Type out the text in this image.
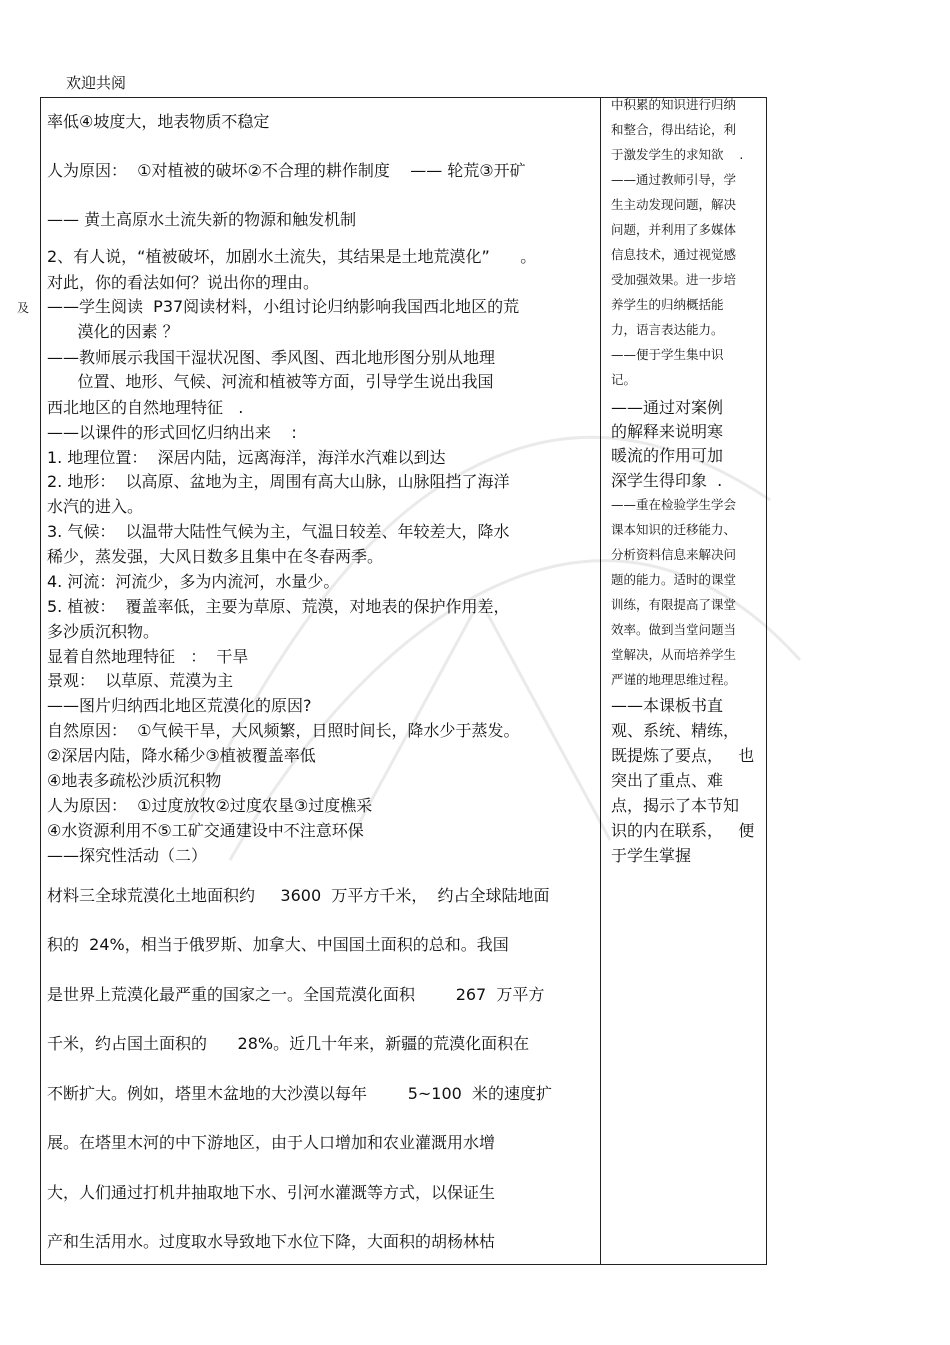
欢迎共阅
及
率低④坡度大，地表物质不稳定
人为原因：  ①对植被的破坏②不合理的耕作制度    —— 轮荒③开矿
—— 黄土高原水土流失新的物源和触发机制
2、有人说，“植被破坏，加剧水土流失，其结果是土地荒漠化”      。
对此，你的看法如何？说出你的理由。
——学生阅读  P37阅读材料，小组讨论归纳影响我国西北地区的荒
漠化的因素 ？
——教师展示我国干湿状况图、季风图、西北地形图分别从地理
位置、地形、气候、河流和植被等方面，引导学生说出我国
西北地区的自然地理特征   .
——以课件的形式回忆归纳出来    :
1. 地理位置：  深居内陆，远离海洋，海洋水汽难以到达
2. 地形：  以高原、盆地为主，周围有高大山脉，山脉阻挡了海洋
水汽的进入。
3. 气候：  以温带大陆性气候为主，气温日较差、年较差大，降水
稀少，蒸发强，大风日数多且集中在冬春两季。
4. 河流：河流少，多为内流河，水量少。
5. 植被：  覆盖率低，主要为草原、荒漠，对地表的保护作用差，
多沙质沉积物。
显着自然地理特征   ：  干旱
景观：  以草原、荒漠为主
——图片归纳西北地区荒漠化的原因?
自然原因：  ①气候干旱，大风频繁，日照时间长，降水少于蒸发。
②深居内陆，降水稀少③植被覆盖率低
④地表多疏松沙质沉积物
人为原因：  ①过度放牧②过度农垦③过度樵采
④水资源利用不⑤工矿交通建设中不注意环保
——探究性活动（二）
材料三全球荒漠化土地面积约     3600  万平方千米，  约占全球陆地面
积的  24%，相当于俄罗斯、加拿大、中国国土面积的总和。我国
是世界上荒漠化最严重的国家之一。全国荒漠化面积        267  万平方
千米，约占国土面积的      28%。近几十年来，新疆的荒漠化面积在
不断扩大。例如，塔里木盆地的大沙漠以每年        5~100  米的速度扩
展。在塔里木河的中下游地区，由于人口增加和农业灌溉用水增
大，人们通过打机井抽取地下水、引河水灌溉等方式，以保证生
产和生活用水。过度取水导致地下水位下降，大面积的胡杨林枯
中积累的知识进行归纳
和整合，得出结论，利
于激发学生的求知欲    .
——通过教师引导，学
生主动发现问题，解决
问题，并利用了多媒体
信息技术，通过视觉感
受加强效果。进一步培
养学生的归纳概括能
力，语言表达能力。
——便于学生集中识
记。
——通过对案例
的解释来说明寒
暖流的作用可加
深学生得印象  .
——重在检验学生学会
课本知识的迁移能力、
分析资料信息来解决问
题的能力。适时的课堂
训练，有限提高了课堂
效率。做到当堂问题当
堂解决，从而培养学生
严谨的地理思维过程。
——本课板书直
观、系统、精练，
既提炼了要点，   也
突出了重点、难
点，揭示了本节知
识的内在联系，   便
于学生掌握
